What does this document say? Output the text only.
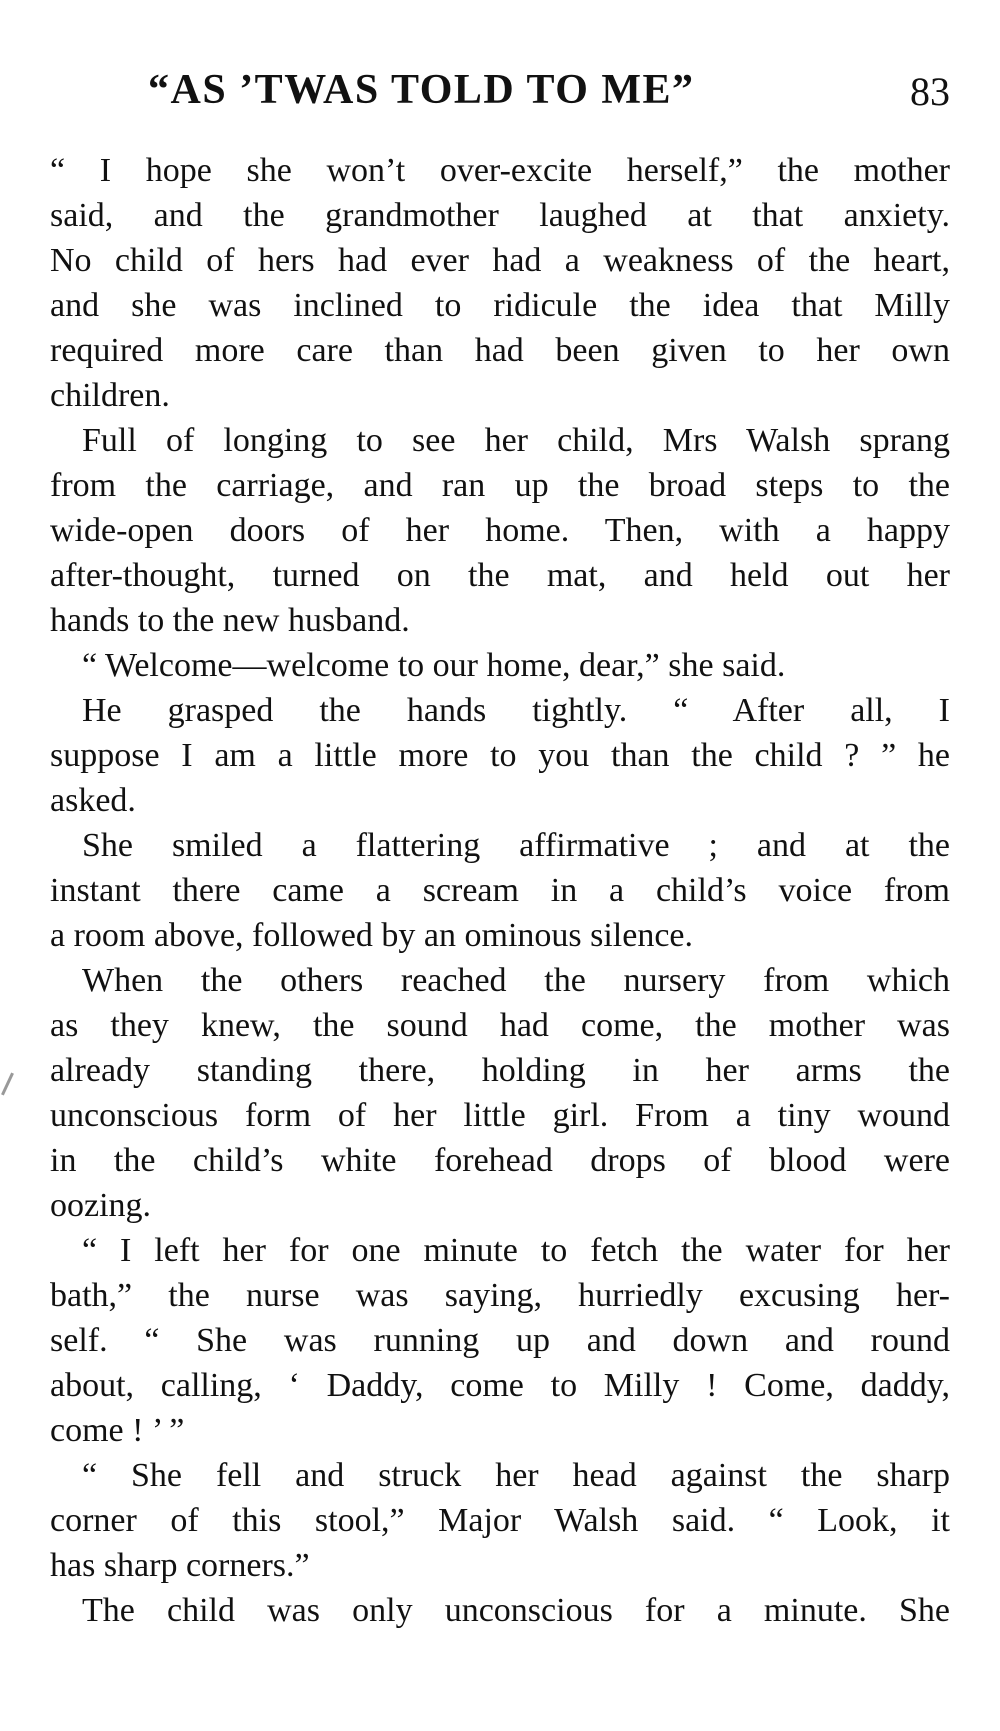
“AS ’TWAS TOLD TO ME”	83
“ I hope she won’t over-excite herself,” the mother
said, and the grandmother laughed at that anxiety.
No child of hers had ever had a weakness of the heart,
and she was inclined to ridicule the idea that Milly
required more care than had been given to her own
children.
Full of longing to see her child, Mrs Walsh sprang
from the carriage, and ran up the broad steps to the
wide-open doors of her home. Then, with a happy
after-thought, turned on the mat, and held out her
hands to the new husband.
“ Welcome—welcome to our home, dear,” she said.
He grasped the hands tightly. “ After all, I
suppose I am a little more to you than the child ? ” he
asked.
She smiled a flattering affirmative ; and at the
instant there came a scream in a child’s voice from
a room above, followed by an ominous silence.
When the others reached the nursery from which
as they knew, the sound had come, the mother was
already standing there, holding in her arms the
unconscious form of her little girl. From a tiny wound
in the child’s white forehead drops of blood were
oozing.
“ I left her for one minute to fetch the water for her
bath,” the nurse was saying, hurriedly excusing her-
self. “ She was running up and down and round
about, calling, ‘ Daddy, come to Milly ! Come, daddy,
come ! ’ ”
“ She fell and struck her head against the sharp
corner of this stool,” Major Walsh said. “ Look, it
has sharp corners.”
The child was only unconscious for a minute. She
